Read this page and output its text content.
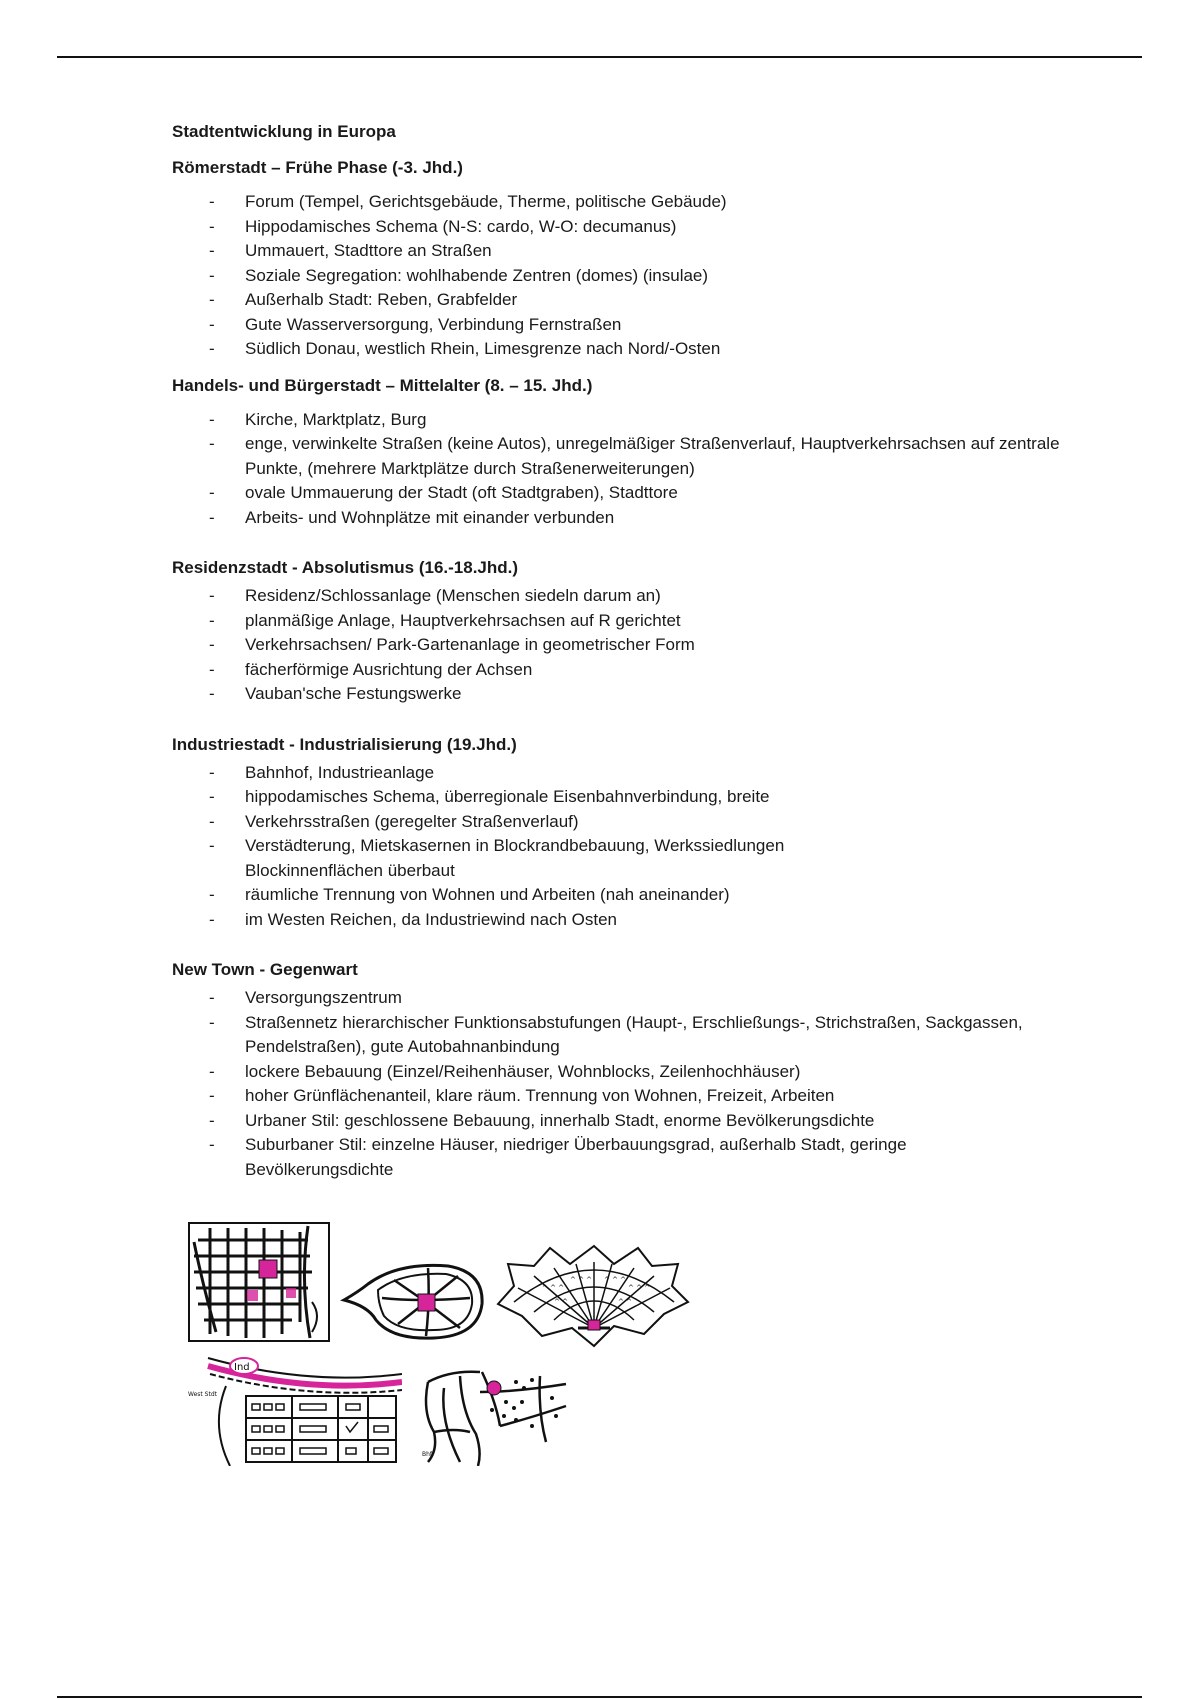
Stadtentwicklung in Europa
Römerstadt – Frühe Phase (-3. Jhd.)
- Forum (Tempel, Gerichtsgebäude, Therme, politische Gebäude)
- Hippodamisches Schema (N-S: cardo, W-O: decumanus)
- Ummauert, Stadttore an Straßen
- Soziale Segregation: wohlhabende Zentren (domes) (insulae)
- Außerhalb Stadt: Reben, Grabfelder
- Gute Wasserversorgung, Verbindung Fernstraßen
- Südlich Donau, westlich Rhein, Limesgrenze nach Nord/-Osten
Handels- und Bürgerstadt – Mittelalter (8. – 15. Jhd.)
- Kirche, Marktplatz, Burg
- enge, verwinkelte Straßen (keine Autos), unregelmäßiger Straßenverlauf, Hauptverkehrsachsen auf zentrale Punkte, (mehrere Marktplätze durch Straßenerweiterungen)
- ovale Ummauerung der Stadt (oft Stadtgraben), Stadttore
- Arbeits- und Wohnplätze mit einander verbunden
Residenzstadt - Absolutismus (16.-18.Jhd.)
- Residenz/Schlossanlage (Menschen siedeln darum an)
- planmäßige Anlage, Hauptverkehrsachsen auf R gerichtet
- Verkehrsachsen/ Park-Gartenanlage in geometrischer Form
- fächerförmige Ausrichtung der Achsen
- Vauban'sche Festungswerke
Industriestadt - Industrialisierung (19.Jhd.)
- Bahnhof, Industrieanlage
- hippodamisches Schema, überregionale Eisenbahnverbindung, breite
- Verkehrsstraßen (geregelter Straßenverlauf)
- Verstädterung, Mietskasernen in Blockrandbebauung, Werkssiedlungen Blockinnenflächen überbaut
- räumliche Trennung von Wohnen und Arbeiten (nah aneinander)
- im Westen Reichen, da Industriewind nach Osten
New Town - Gegenwart
- Versorgungszentrum
- Straßennetz hierarchischer Funktionsabstufungen (Haupt-, Erschließungs-, Strichstraßen, Sackgassen, Pendelstraßen), gute Autobahnanbindung
- lockere Bebauung (Einzel/Reihenhäuser, Wohnblocks, Zeilenhochhäuser)
- hoher Grünflächenanteil, klare räum. Trennung von Wohnen, Freizeit, Arbeiten
- Urbaner Stil: geschlossene Bebauung, innerhalb Stadt, enorme Bevölkerungsdichte
- Suburbaner Stil: einzelne Häuser, niedriger Überbauungsgrad, außerhalb Stadt, geringe Bevölkerungsdichte
^ ^ ^
^ ^ ^ ^ ^ ^
^ ^ ^
^ ^	^ ^
Ind
West Stdt
Bhf
